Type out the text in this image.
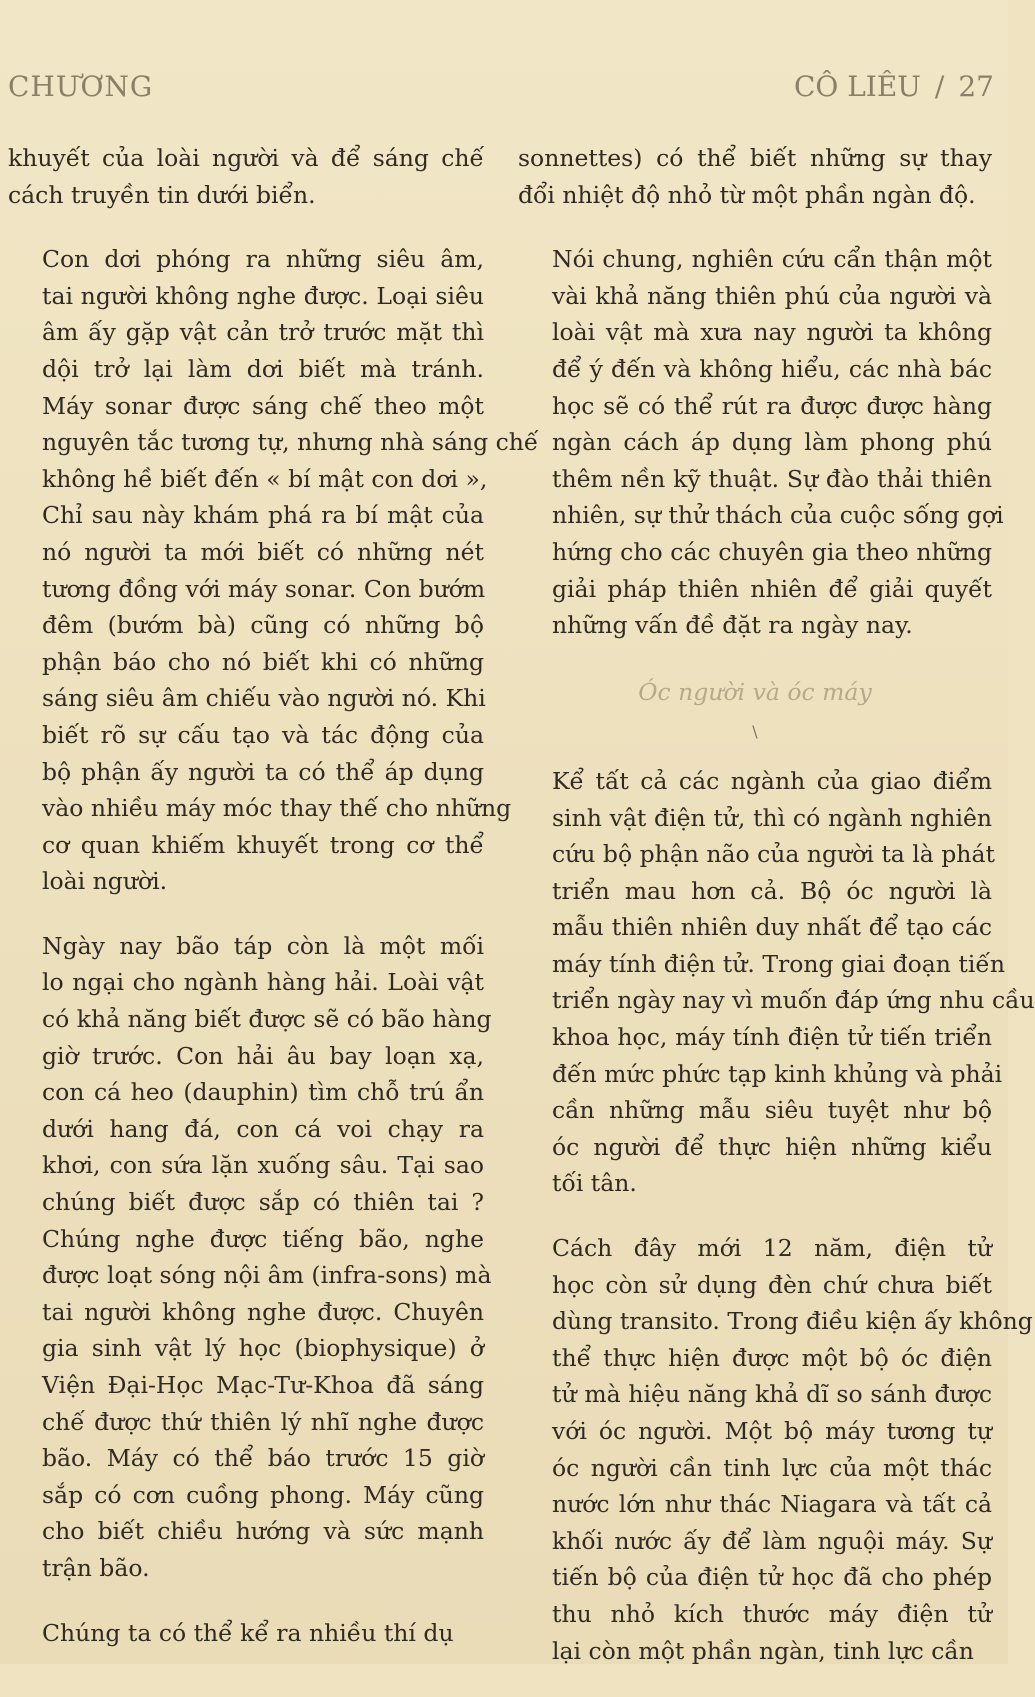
CHƯƠNG	CÔ LIÊU / 27

khuyết của loài người và để sáng chế
cách truyền tin dưới biển.

Con dơi phóng ra những siêu âm,
tai người không nghe được. Loại siêu
âm ấy gặp vật cản trở trước mặt thì
dội trở lại làm dơi biết mà tránh.
Máy sonar được sáng chế theo một
nguyên tắc tương tự, nhưng nhà sáng chế
không hề biết đến « bí mật con dơi »,
Chỉ sau này khám phá ra bí mật của
nó người ta mới biết có những nét
tương đồng với máy sonar. Con bướm
đêm (bướm bà) cũng có những bộ
phận báo cho nó biết khi có những
sáng siêu âm chiếu vào người nó. Khi
biết rõ sự cấu tạo và tác động của
bộ phận ấy người ta có thể áp dụng
vào nhiều máy móc thay thế cho những
cơ quan khiếm khuyết trong cơ thể
loài người.

Ngày nay bão táp còn là một mối
lo ngại cho ngành hàng hải. Loài vật
có khả năng biết được sẽ có bão hàng
giờ trước. Con hải âu bay loạn xạ,
con cá heo (dauphin) tìm chỗ trú ẩn
dưới hang đá, con cá voi chạy ra
khơi, con sứa lặn xuống sâu. Tại sao
chúng biết được sắp có thiên tai ?
Chúng nghe được tiếng bão, nghe
được loạt sóng nội âm (infra-sons) mà
tai người không nghe được. Chuyên
gia sinh vật lý học (biophysique) ở
Viện Đại-Học Mạc-Tư-Khoa đã sáng
chế được thứ thiên lý nhĩ nghe được
bão. Máy có thể báo trước 15 giờ
sắp có cơn cuồng phong. Máy cũng
cho biết chiều hướng và sức mạnh
trận bão.

Chúng ta có thể kể ra nhiều thí dụ

sonnettes) có thể biết những sự thay
đổi nhiệt độ nhỏ từ một phần ngàn độ.

Nói chung, nghiên cứu cẩn thận một
vài khả năng thiên phú của người và
loài vật mà xưa nay người ta không
để ý đến và không hiểu, các nhà bác
học sẽ có thể rút ra được được hàng
ngàn cách áp dụng làm phong phú
thêm nền kỹ thuật. Sự đào thải thiên
nhiên, sự thử thách của cuộc sống gợi
hứng cho các chuyên gia theo những
giải pháp thiên nhiên để giải quyết
những vấn đề đặt ra ngày nay.

Óc người và óc máy

\

Kể tất cả các ngành của giao điểm
sinh vật điện tử, thì có ngành nghiên
cứu bộ phận não của người ta là phát
triển mau hơn cả. Bộ óc người là
mẫu thiên nhiên duy nhất để tạo các
máy tính điện tử. Trong giai đoạn tiến
triển ngày nay vì muốn đáp ứng nhu cầu
khoa học, máy tính điện tử tiến triển
đến mức phức tạp kinh khủng và phải
cần những mẫu siêu tuyệt như bộ
óc người để thực hiện những kiểu
tối tân.

Cách đây mới 12 năm, điện tử
học còn sử dụng đèn chứ chưa biết
dùng transito. Trong điều kiện ấy không
thể thực hiện được một bộ óc điện
tử mà hiệu năng khả dĩ so sánh được
với óc người. Một bộ máy tương tự
óc người cần tinh lực của một thác
nước lớn như thác Niagara và tất cả
khối nước ấy để làm nguội máy. Sự
tiến bộ của điện tử học đã cho phép
thu nhỏ kích thước máy điện tử
lại còn một phần ngàn, tinh lực cần
